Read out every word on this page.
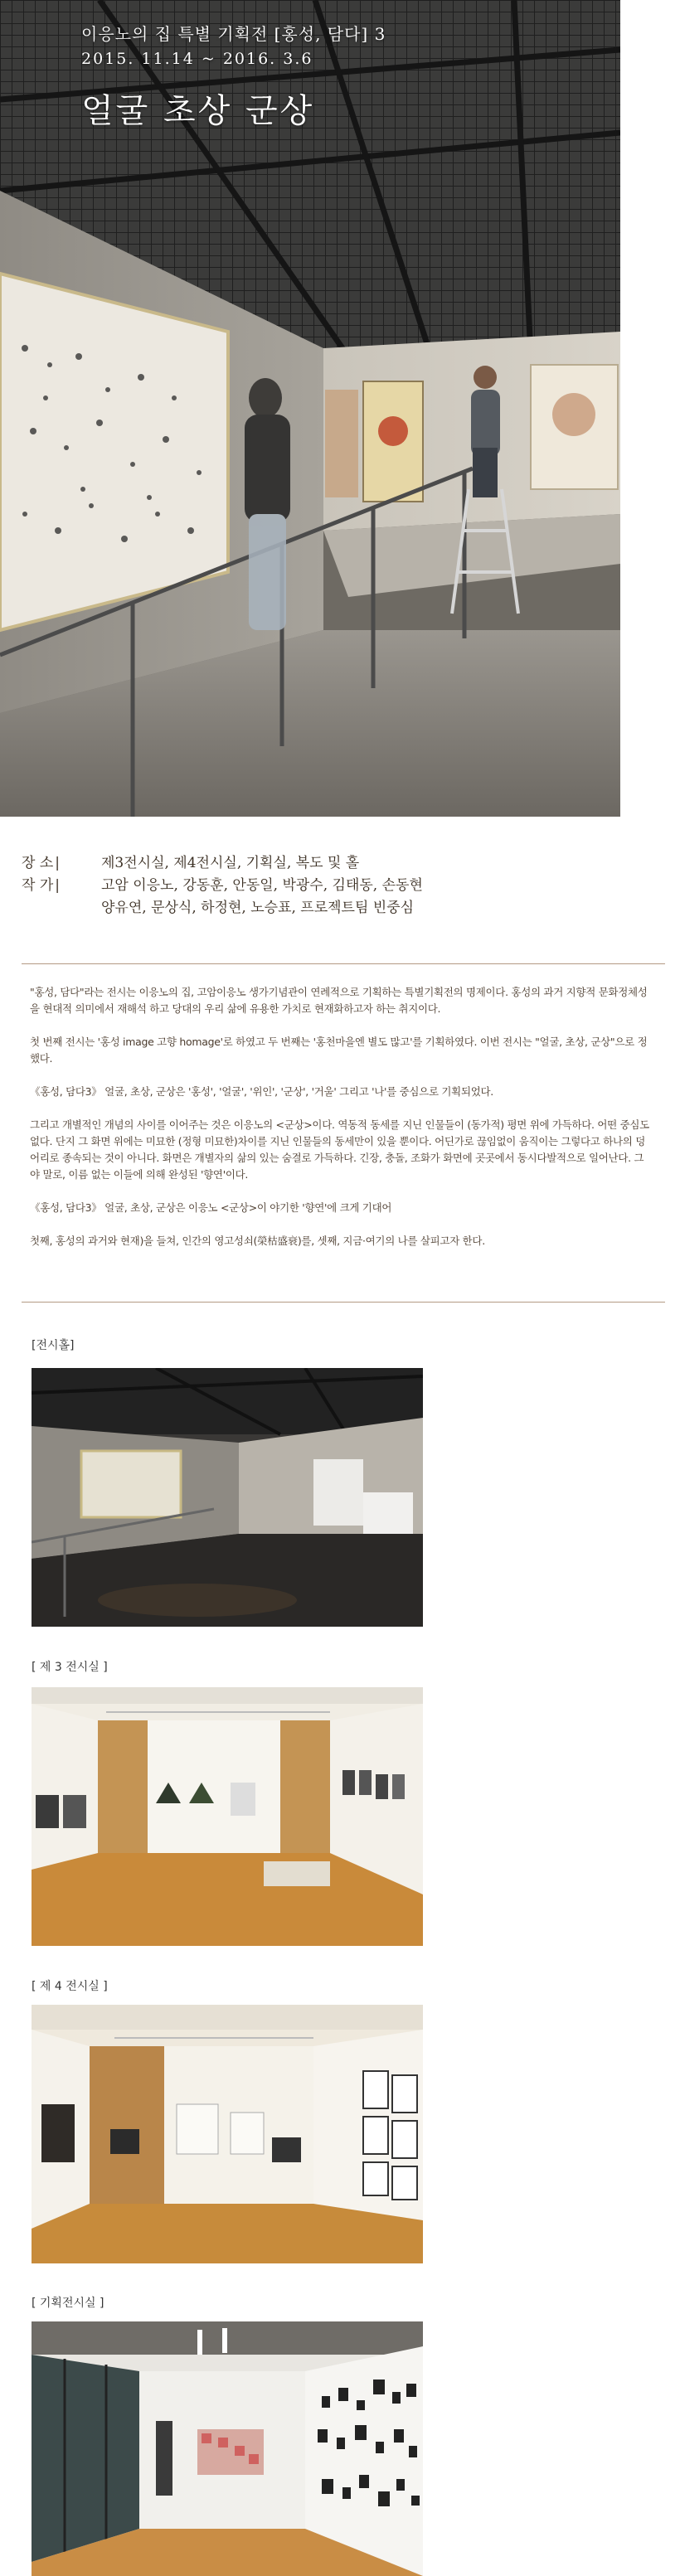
이응노의 집 특별 기획전 [홍성, 담다] 3
2015. 11.14 ~ 2016. 3.6
얼굴 초상 군상
장 소 |	제3전시실, 제4전시실, 기획실, 복도 및 홀
작 가 |	고암 이응노, 강동훈, 안동일, 박광수, 김태동, 손동현
양유연, 문상식, 하정현, 노승표, 프로젝트팀 빈중심

"홍성, 담다"라는 전시는 이응노의 집, 고암이응노 생가기념관이 연례적으로 기획하는 특별기획전의 명제이다. 홍성의 과거 지향적 문화정체성을 현대적 의미에서 재해석 하고 당대의 우리 삶에 유용한 가치로 현재화하고자 하는 취지이다.

첫 번째 전시는 '홍성 image 고향 homage'로 하였고 두 번째는 '홍천마을엔 별도 많고'를 기획하였다. 이번 전시는 "얼굴, 초상, 군상"으로 정했다.

《홍성, 담다3》 얼굴, 초상, 군상은 '홍성', '얼굴', '위인', '군상', '거울' 그리고 '나'를 중심으로 기획되었다.

그리고 개별적인 개념의 사이를 이어주는 것은 이응노의 <군상>이다. 역동적 동세를 지닌 인물들이 (동가적) 평면 위에 가득하다. 어떤 중심도 없다. 단지 그 화면 위에는 미묘한 (정형 미묘한)차이를 지닌 인물들의 동세만이 있을 뿐이다. 어딘가로 끊임없이 움직이는 그렇다고 하나의 덩어리로 종속되는 것이 아니다. 화면은 개별자의 삶의 있는 숨결로 가득하다. 긴장, 충돌, 조화가 화면에 곳곳에서 동시다발적으로 일어난다. 그야 말로, 이름 없는 이들에 의해 완성된 '향연'이다.

《홍성, 담다3》 얼굴, 초상, 군상은 이응노 <군상>이 야기한 '향연'에 크게 기대어

첫째, 홍성의 과거와 현재)을 들쳐, 인간의 영고성쇠(榮枯盛衰)를, 셋째, 지금·여기의 나를 살피고자 한다.

[전시홀]
[ 제 3 전시실 ]
[ 제 4 전시실 ]
[ 기획전시실 ]
